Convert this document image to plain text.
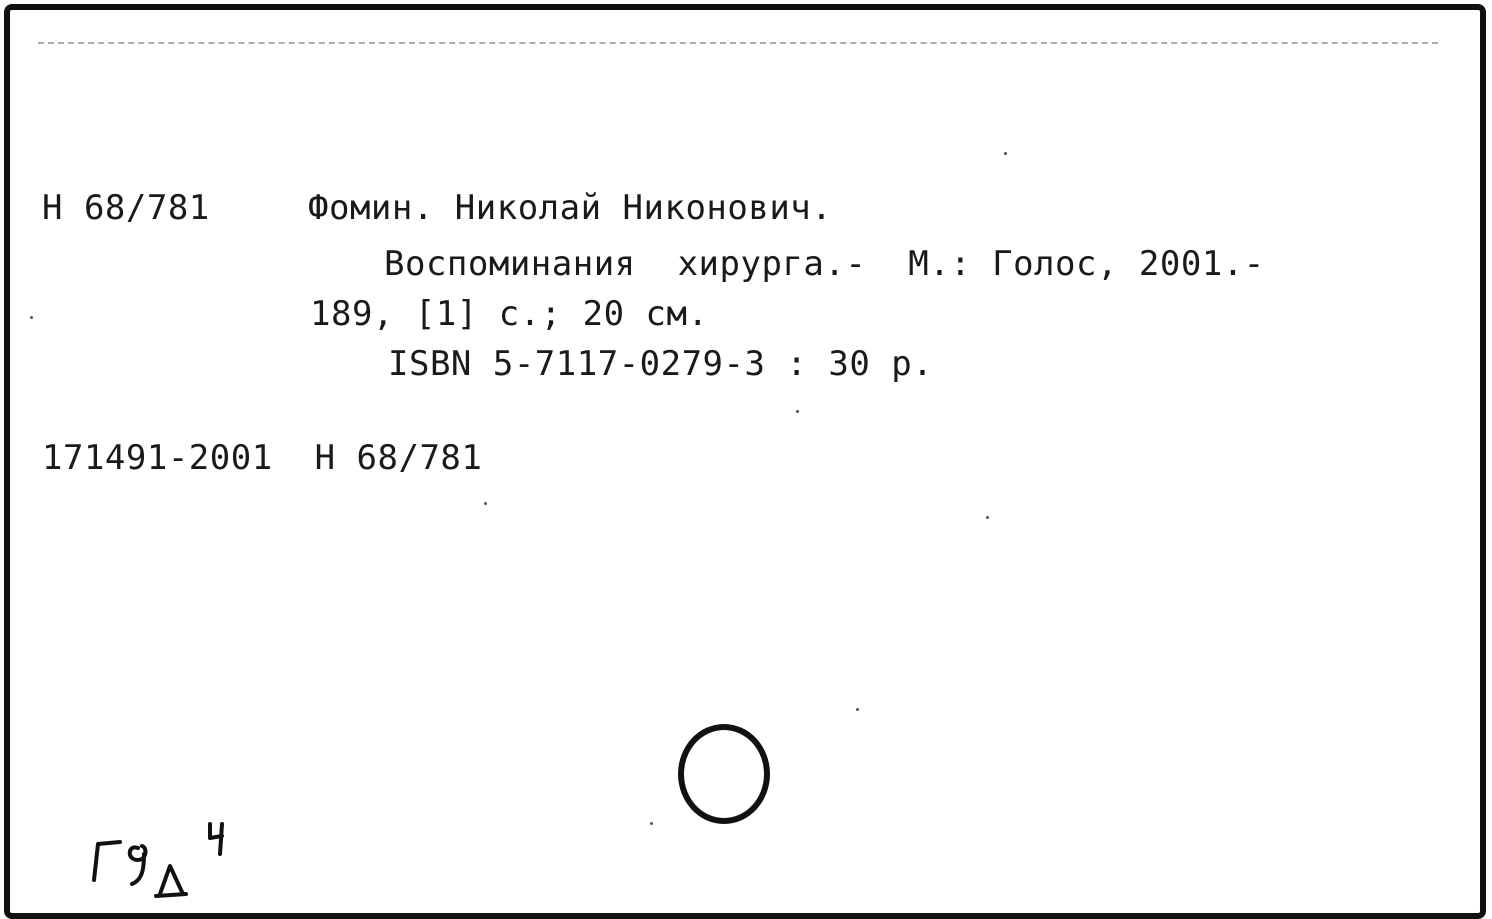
Н 68/781	Фомин. Николай Никонович.
Воспоминания  хирурга.-  М.: Голос, 2001.-
189, [1] с.; 20 см.
ISBN 5-7117-0279-3 : 30 р.
171491-2001  Н 68/781
